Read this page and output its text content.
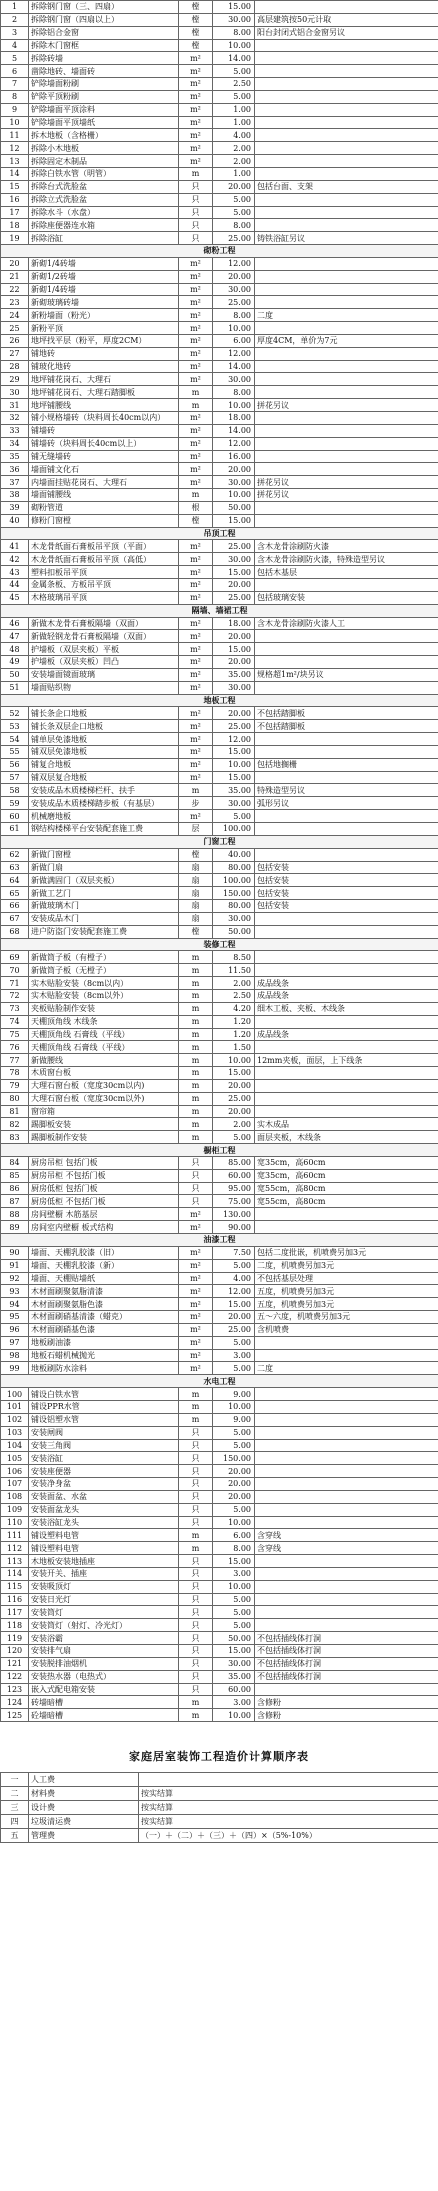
1	拆除钢门窗（三、四扇）	樘	15.00	
2	拆除钢门窗（四扇以上）	樘	30.00	高层建筑按50元计取
3	拆除铝合金窗	樘	8.00	阳台封闭式铝合金窗另议
4	拆除木门窗框	樘	10.00	
5	拆除砖墙	m²	14.00	
6	凿除地砖、墙面砖	m²	5.00	
7	铲除墙面粉刷	m²	2.50	
8	铲除平顶粉刷	m²	5.00	
9	铲除墙面平顶涂料	m²	1.00	
10	铲除墙面平顶墙纸	m²	1.00	
11	拆木地板（含格栅）	m²	4.00	
12	拆除小木地板	m²	2.00	
13	拆除固定木制品	m²	2.00	
14	拆除白铁水管（明管）	m	1.00	
15	拆除台式洗脸盆	只	20.00	包括台面、支架
16	拆除立式洗脸盆	只	5.00	
17	拆除水斗（水盘）	只	5.00	
18	拆除座便器连水箱	只	8.00	
19	拆除浴缸	只	25.00	铸铁浴缸另议
砌粉工程				
20	新砌1/4砖墙	m²	12.00	
21	新砌1/2砖墙	m²	20.00	
22	新砌1/4砖墙	m²	30.00	
23	新砌玻璃砖墙	m²	25.00	
24	新粉墙面（粉光）	m²	8.00	二度
25	新粉平顶	m²	10.00	
26	地坪找平层（粉平，厚度2CM）	m²	6.00	厚度4CM，单价为7元
27	铺地砖	m²	12.00	
28	铺玻化地砖	m²	14.00	
29	地坪铺花岗石、大理石	m²	30.00	
30	地坪铺花岗石、大理石踏脚板	m	8.00	
31	地坪铺腰线	m	10.00	拼花另议
32	铺小规格墙砖（块料周长40cm以内）	m²	18.00	
33	铺墙砖	m²	14.00	
34	铺墙砖（块料周长40cm以上）	m²	12.00	
35	铺无缝墙砖	m²	16.00	
36	墙面铺文化石	m²	20.00	
37	内墙面挂贴花岗石、大理石	m²	30.00	拼花另议
38	墙面铺腰线	m	10.00	拼花另议
39	砌粉管道	根	50.00	
40	修粉门窗樘	樘	15.00	
吊顶工程				
41	木龙骨纸面石膏板吊平顶（平面）	m²	25.00	含木龙骨涂刷防火漆
42	木龙骨纸面石膏板吊平顶（高低）	m²	30.00	含木龙骨涂刷防火漆，特殊造型另议
43	塑料扣板吊平顶	m²	15.00	包括木基层
44	金属条板、方板吊平顶	m²	20.00	
45	木格玻璃吊平顶	m²	25.00	包括玻璃安装
隔墙、墙裙工程				
46	新做木龙骨石膏板隔墙（双面）	m²	18.00	含木龙骨涂刷防火漆人工
47	新做轻钢龙骨石膏板隔墙（双面）	m²	20.00	
48	护墙板（双层夹板）平板	m²	15.00	
49	护墙板（双层夹板）凹凸	m²	20.00	
50	安装墙面镜面玻璃	m²	35.00	规格超1m²/块另议
51	墙面贴织物	m²	30.00	
地板工程				
52	铺长条企口地板	m²	20.00	不包括踏脚板
53	铺长条双层企口地板	m²	25.00	不包括踏脚板
54	铺单层免漆地板	m²	12.00	
55	铺双层免漆地板	m²	15.00	
56	铺复合地板	m²	10.00	包括地搁栅
57	铺双层复合地板	m²	15.00	
58	安装成品木质楼梯栏杆、扶手	m	35.00	特殊造型另议
59	安装成品木质楼梯踏步板（有基层）	步	30.00	弧形另议
60	机械磨地板	m²	5.00	
61	钢结构楼梯平台安装配套施工费	层	100.00	
门窗工程				
62	新做门窗樘	樘	40.00	
63	新做门扇	扇	80.00	包括安装
64	新做满固门（双层夹板）	扇	100.00	包括安装
65	新做工艺门	扇	150.00	包括安装
66	新做玻璃木门	扇	80.00	包括安装
67	安装成品木门	扇	30.00	
68	进户防盗门安装配套施工费	樘	50.00	
装修工程				
69	新做筒子板（有樘子）	m	8.50	
70	新做筒子板（无樘子）	m	11.50	
71	实木贴脸安装（8cm以内）	m	2.00	成品线条
72	实木贴脸安装（8cm以外）	m	2.50	成品线条
73	夹板贴脸制作安装	m	4.20	细木工板、夹板、木线条
74	天棚顶角线 木线条	m	1.20	
75	天棚顶角线 石膏线（平线）	m	1.20	成品线条
76	天棚顶角线 石膏线（平线）	m	1.50	
77	新做腰线	m	10.00	12mm夹板，面层，上下线条
78	木质窗台板	m	15.00	
79	大理石窗台板（宽度30cm以内)	m	20.00	
80	大理石窗台板（宽度30cm以外)	m	25.00	
81	窗帘箱	m	20.00	
82	踢脚板安装	m	2.00	实木成品
83	踢脚板制作安装	m	5.00	面层夹板，木线条
橱柜工程				
84	厨房吊柜 包括门板	只	85.00	宽35cm，高60cm
85	厨房吊柜 不包括门板	只	60.00	宽35cm，高60cm
86	厨房低柜 包括门板	只	95.00	宽55cm，高80cm
87	厨房低柜 不包括门板	只	75.00	宽55cm，高80cm
88	房间壁橱 木筋基层	m²	130.00	
89	房间室内壁橱 板式结构	m²	90.00	
油漆工程				
90	墙面、天棚乳胶漆（旧）	m²	7.50	包括二度批嵌，机喷费另加3元
91	墙面、天棚乳胶漆（新）	m²	5.00	二度，机喷费另加3元
92	墙面、天棚贴墙纸	m²	4.00	不包括基层处理
93	木材面刷聚氨脂清漆	m²	12.00	五度，机喷费另加3元
94	木材面刷聚氨脂色漆	m²	15.00	五度，机喷费另加3元
95	木材面刷硝基清漆（蜡克）	m²	20.00	五～六度，机喷费另加3元
96	木材面刷硝基色漆	m²	25.00	含机喷费
97	地板刷油漆	m²	5.00	
98	地板石蜡机械抛光	m²	3.00	
99	地板刷防水涂料	m²	5.00	二度
水电工程				
100	铺设白铁水管	m	9.00	
101	铺设PPR水管	m	10.00	
102	铺设铝塑水管	m	9.00	
103	安装闸阀	只	5.00	
104	安装三角阀	只	5.00	
105	安装浴缸	只	150.00	
106	安装座便器	只	20.00	
107	安装净身盆	只	20.00	
108	安装面盆、水盆	只	20.00	
109	安装面盆龙头	只	5.00	
110	安装浴缸龙头	只	10.00	
111	铺设塑料电管	m	6.00	含穿线
112	铺设塑料电管	m	8.00	含穿线
113	木地板安装地插座	只	15.00	
114	安装开关、插座	只	3.00	
115	安装吸顶灯	只	10.00	
116	安装日光灯	只	5.00	
117	安装筒灯	只	5.00	
118	安装筒灯（射灯、冷光灯）	只	5.00	
119	安装浴霸	只	50.00	不包括插线体打洞
120	安装排气扇	只	15.00	不包括插线体打洞
121	安装脱排油烟机	只	30.00	不包括插线体打洞
122	安装热水器（电热式）	只	35.00	不包括插线体打洞
123	嵌入式配电箱安装	只	60.00	
124	砖墙暗槽	m	3.00	含修粉
125	砼墙暗槽	m	10.00	含修粉
家庭居室装饰工程造价计算顺序表
一	人工费	
二	材料费	按实结算
三	设计费	按实结算
四	垃圾清运费	按实结算
五	管理费	（一）＋（二）＋（三）＋（四）×（5%-10%）
